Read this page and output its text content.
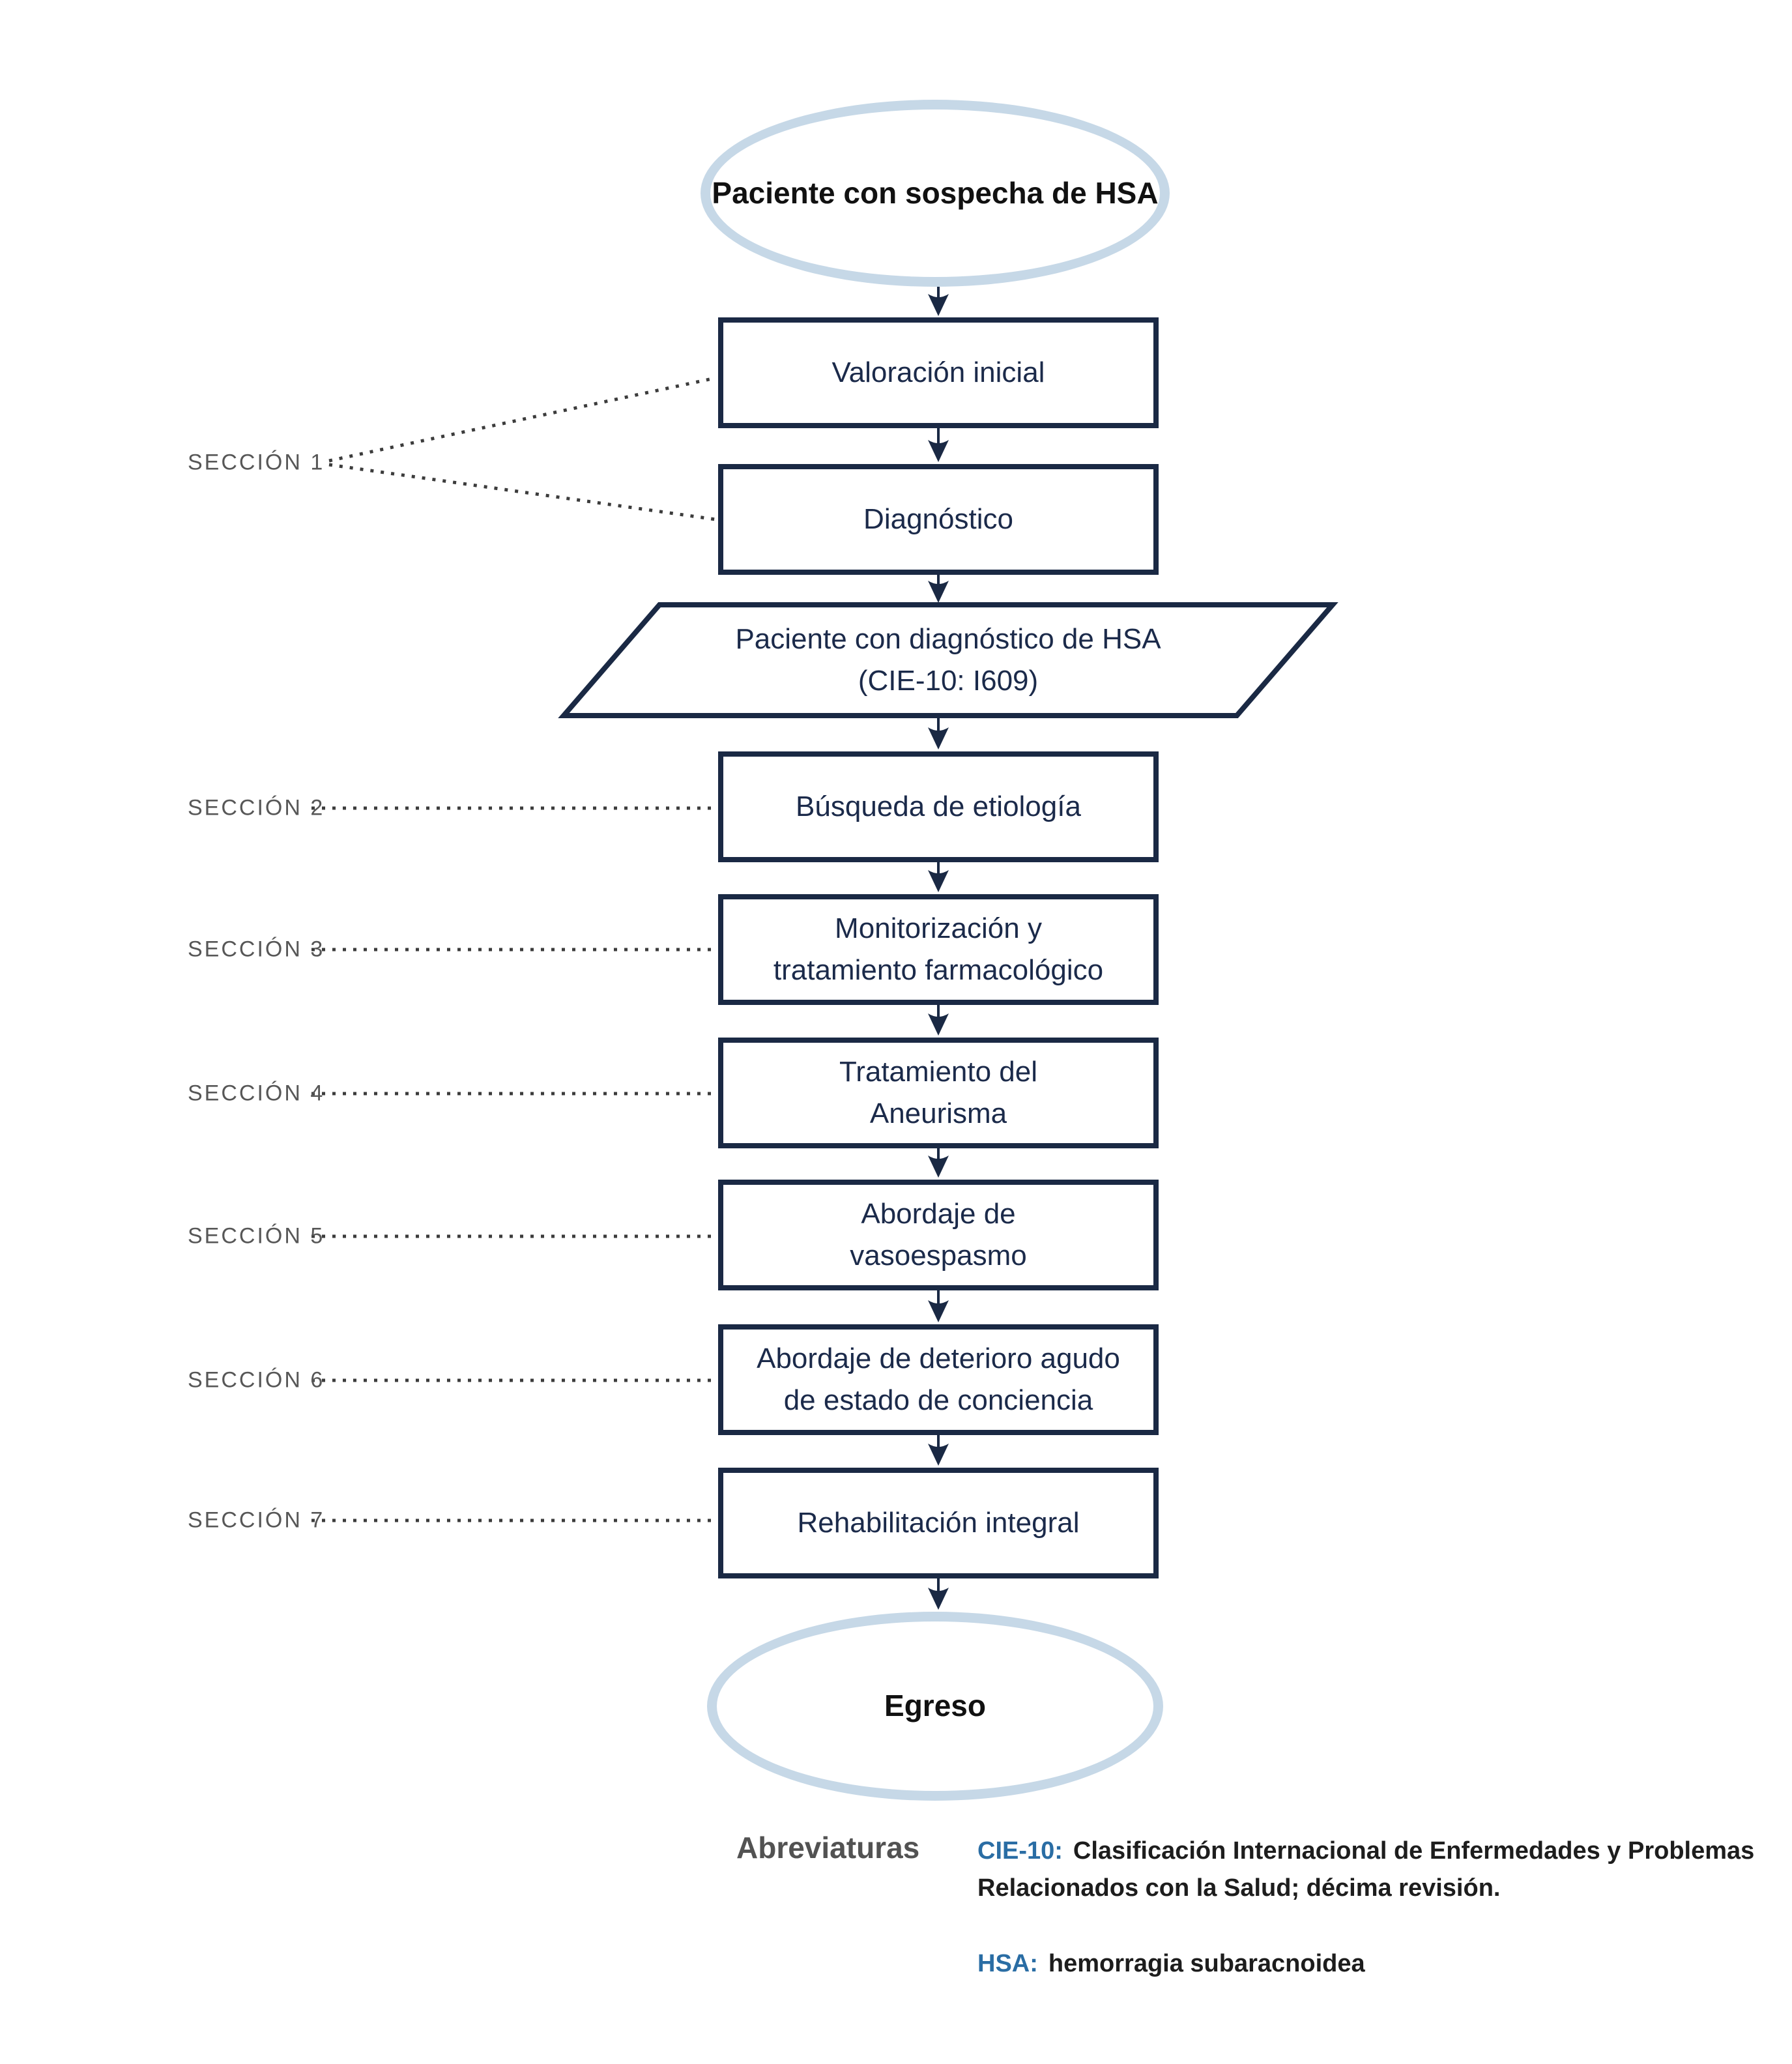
Paciente con sospecha de HSA
Valoración inicial
Diagnóstico
Paciente con diagnóstico de HSA
(CIE-10: I609)
Búsqueda de etiología
Monitorización y
tratamiento farmacológico
Tratamiento del
Aneurisma
Abordaje de
vasoespasmo
Abordaje de deterioro agudo
de estado de conciencia
Rehabilitación integral
Egreso
SECCIÓN 1
SECCIÓN 2
SECCIÓN 3
SECCIÓN 4
SECCIÓN 5
SECCIÓN 6
SECCIÓN 7
Abreviaturas CIE-10: Clasificación Internacional de Enfermedades y Problemas
Relacionados con la Salud; décima revisión.
HSA: hemorragia subaracnoidea
